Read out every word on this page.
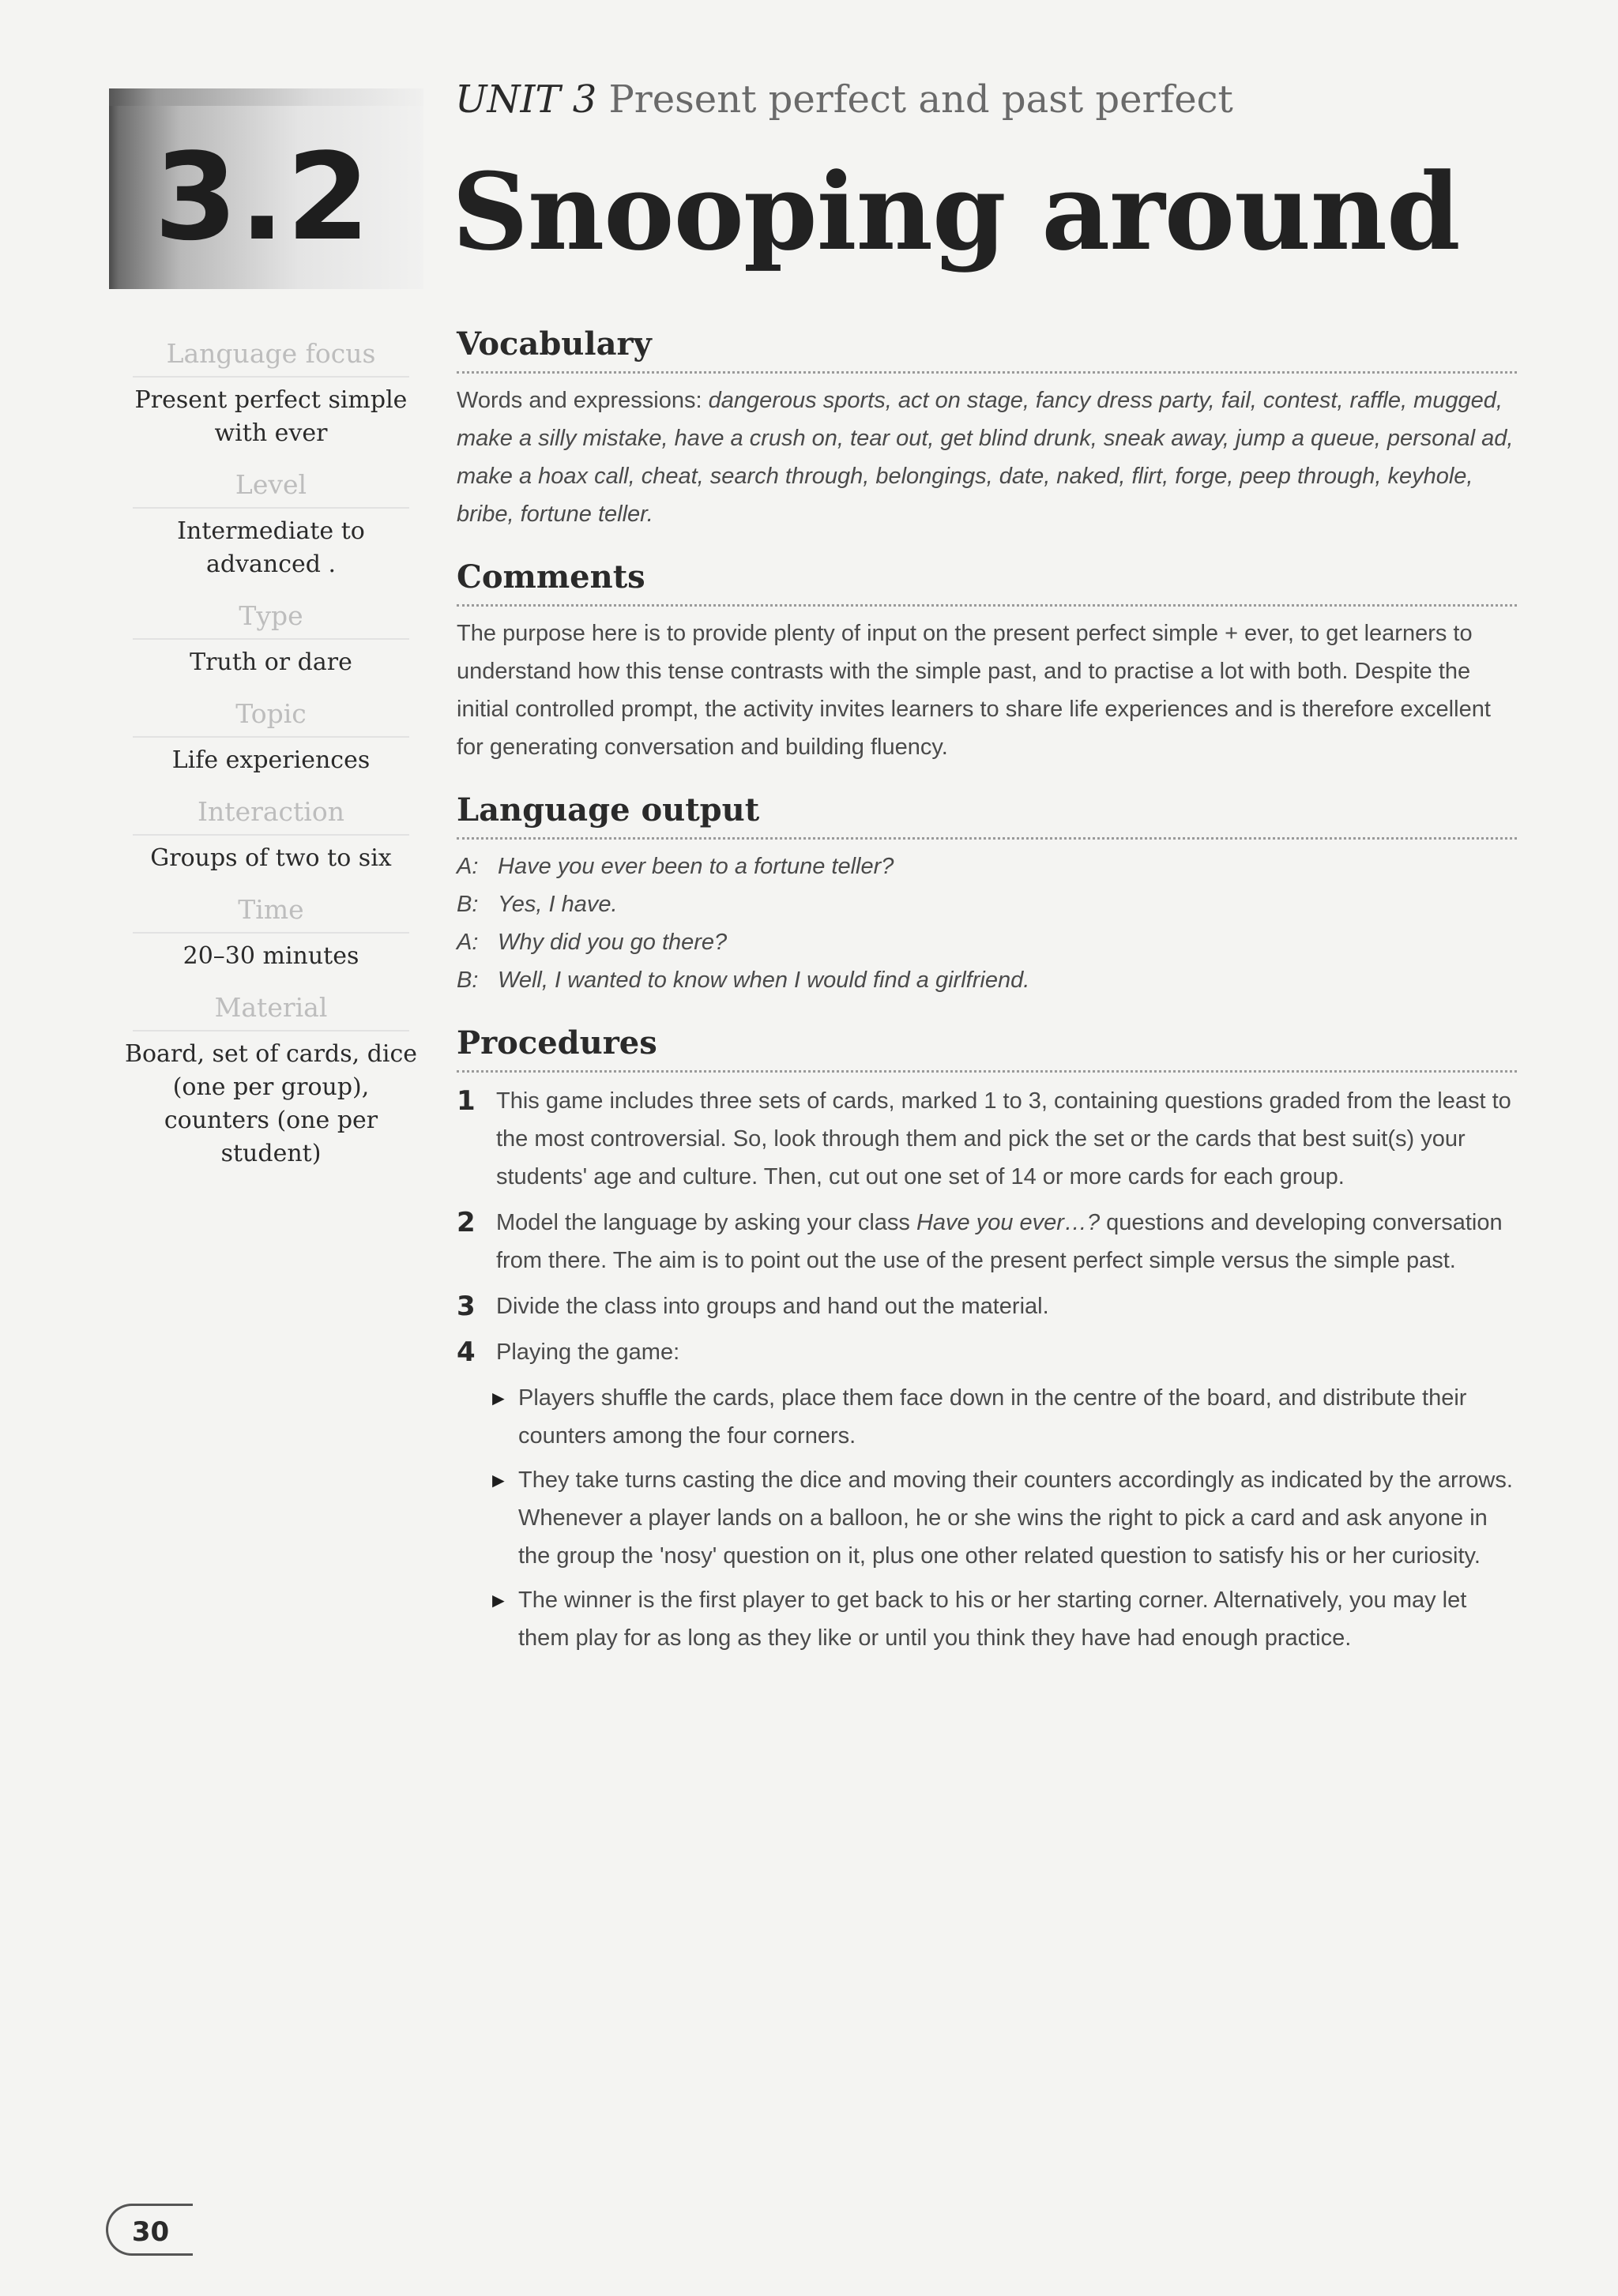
3.2
UNIT 3 Present perfect and past perfect
Snooping around
Language focus
Present perfect simple with ever
Level
Intermediate to advanced .
Type
Truth or dare
Topic
Life experiences
Interaction
Groups of two to six
Time
20–30 minutes
Material
Board, set of cards, dice (one per group), counters (one per student)
Vocabulary

Words and expressions: dangerous sports, act on stage, fancy dress party, fail, contest, raffle, mugged, make a silly mistake, have a crush on, tear out, get blind drunk, sneak away, jump a queue, personal ad, make a hoax call, cheat, search through, belongings, date, naked, flirt, forge, peep through, keyhole, bribe, fortune teller.

Comments

The purpose here is to provide plenty of input on the present perfect simple + ever, to get learners to understand how this tense contrasts with the simple past, and to practise a lot with both. Despite the initial controlled prompt, the activity invites learners to share life experiences and is therefore excellent for generating conversation and building fluency.

Language output
A: Have you ever been to a fortune teller?
B: Yes, I have.
A: Why did you go there?
B: Well, I wanted to know when I would find a girlfriend.
Procedures
1 This game includes three sets of cards, marked 1 to 3, containing questions graded from the least to the most controversial. So, look through them and pick the set or the cards that best suit(s) your students' age and culture. Then, cut out one set of 14 or more cards for each group.
2 Model the language by asking your class Have you ever…? questions and developing conversation from there. The aim is to point out the use of the present perfect simple versus the simple past.
3 Divide the class into groups and hand out the material.
4 Playing the game:
► Players shuffle the cards, place them face down in the centre of the board, and distribute their counters among the four corners.
► They take turns casting the dice and moving their counters accordingly as indicated by the arrows. Whenever a player lands on a balloon, he or she wins the right to pick a card and ask anyone in the group the 'nosy' question on it, plus one other related question to satisfy his or her curiosity.
► The winner is the first player to get back to his or her starting corner. Alternatively, you may let them play for as long as they like or until you think they have had enough practice.
30
